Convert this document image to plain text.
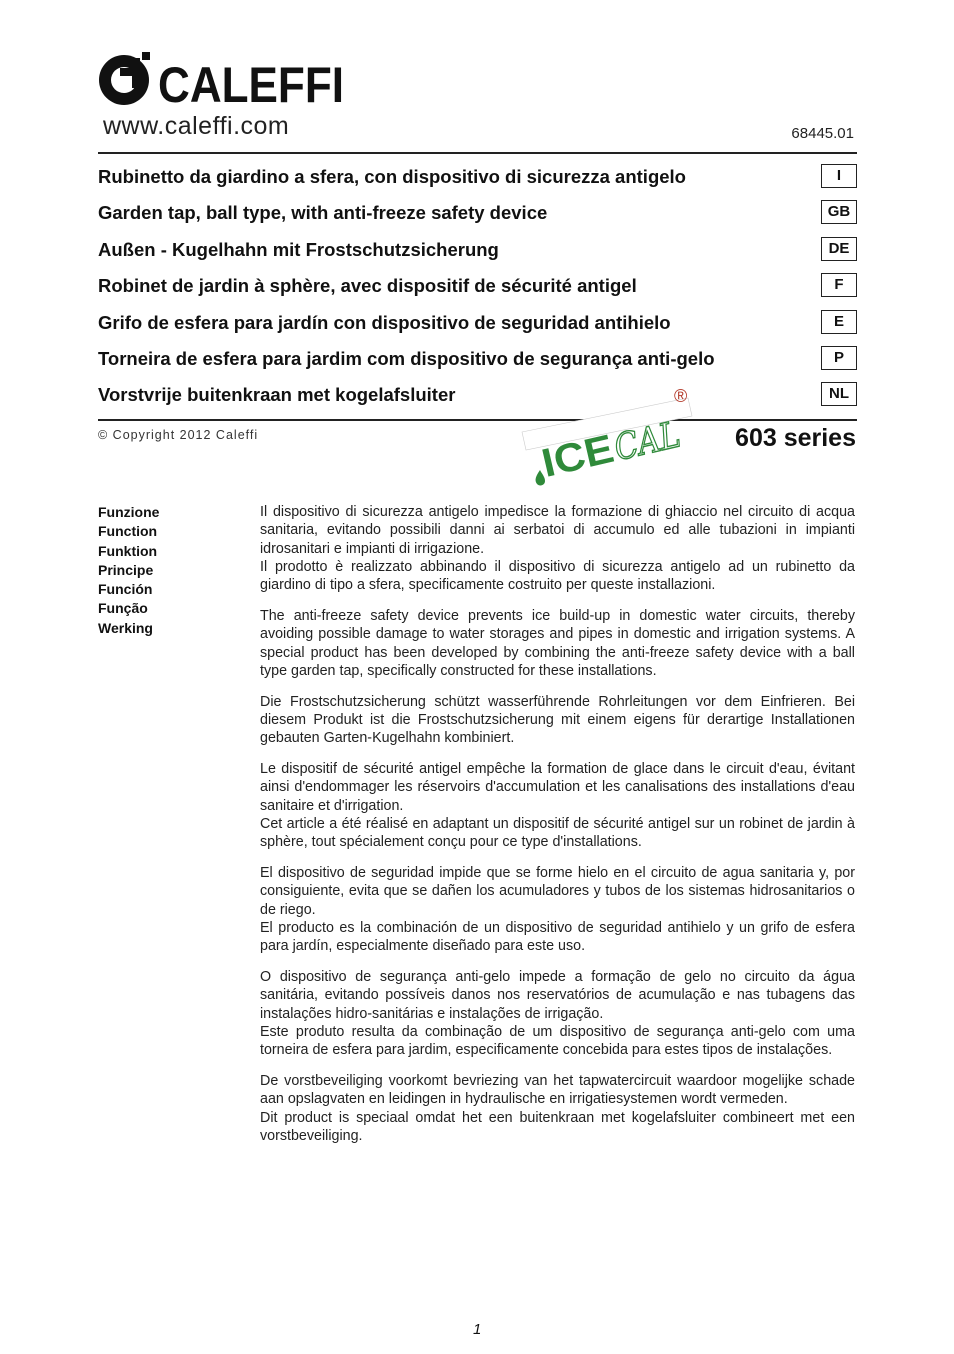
CALEFFI
www.caleffi.com	68445.01
Rubinetto da giardino a sfera, con dispositivo di sicurezza antigelo	I
Garden tap, ball type, with anti-freeze safety device	GB
Außen - Kugelhahn mit Frostschutzsicherung	DE
Robinet de jardin à sphère, avec dispositif de sécurité antigel	F
Grifo de esfera para jardín con dispositivo de seguridad antihielo	E
Torneira de esfera para jardim com dispositivo de segurança anti-gelo	P
Vorstvrije buitenkraan met kogelafsluiter	NL
© Copyright 2012 Caleffi	ICE
CAL
®
603 series
Funzione
Function
Funktion
Principe
Función
Função
Werking
Il dispositivo di sicurezza antigelo impedisce la formazione di ghiaccio nel circuito di acqua sanitaria, evitando possibili danni ai serbatoi di accumulo ed alle tubazioni in impianti idrosanitari e impianti di irrigazione.
Il prodotto è realizzato abbinando il dispositivo di sicurezza antigelo ad un rubinetto da giardino di tipo a sfera, specificamente costruito per queste installazioni.
The anti-freeze safety device prevents ice build-up in domestic water circuits, thereby avoiding possible damage to water storages and pipes in domestic and irrigation systems. A special product has been developed by combining the anti-freeze safety device with a ball type garden tap, specifically constructed for these installations.
Die Frostschutzsicherung schützt wasserführende Rohrleitungen vor dem Einfrieren. Bei diesem Produkt ist die Frostschutzsicherung mit einem eigens für derartige Installationen gebauten Garten-Kugelhahn kombiniert.
Le dispositif de sécurité antigel empêche la formation de glace dans le circuit d'eau, évitant ainsi d'endommager les réservoirs d'accumulation et les canalisations des installations d'eau sanitaire et d'irrigation.
Cet article a été réalisé en adaptant un dispositif de sécurité antigel sur un robinet de jardin à sphère, tout spécialement conçu pour ce type d'installations.
El dispositivo de seguridad impide que se forme hielo en el circuito de agua sanitaria y, por consiguiente, evita que se dañen los acumuladores y tubos de los sistemas hidrosanitarios o de riego.
El producto es la combinación de un dispositivo de seguridad antihielo y un grifo de esfera para jardín, especialmente diseñado para este uso.
O dispositivo de segurança anti-gelo impede a formação de gelo no circuito da água sanitária, evitando possíveis danos nos reservatórios de acumulação e nas tubagens das instalações hidro-sanitárias e instalações de irrigação.
Este produto resulta da combinação de um dispositivo de segurança anti-gelo com uma torneira de esfera para jardim, especificamente concebida para estes tipos de instalações.
De vorstbeveiliging voorkomt bevriezing van het tapwatercircuit waardoor mogelijke schade aan opslagvaten en leidingen in hydraulische en irrigatiesystemen wordt vermeden.
Dit product is speciaal omdat het een buitenkraan met kogelafsluiter combineert met een vorstbeveiliging.
1
